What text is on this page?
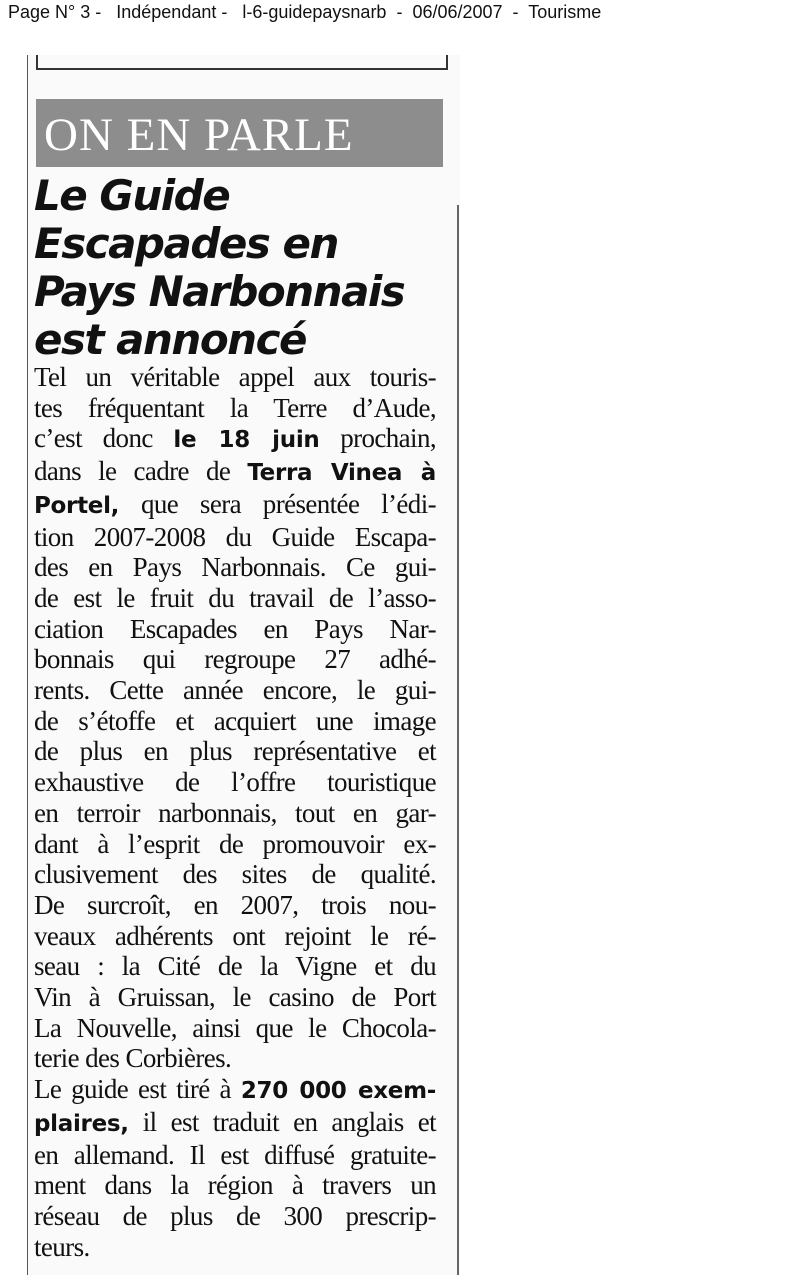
Page N° 3 -   Indépendant -   l-6-guidepaysnarb  -  06/06/2007  -  Tourisme
ON EN PARLE
Le Guide
Escapades en
Pays Narbonnais
est annoncé
Tel un véritable appel aux touris-
tes fréquentant la Terre d’Aude,
c’est donc le 18 juin prochain,
dans le cadre de Terra Vinea à
Portel, que sera présentée l’édi-
tion 2007-2008 du Guide Escapa-
des en Pays Narbonnais. Ce gui-
de est le fruit du travail de l’asso-
ciation Escapades en Pays Nar-
bonnais qui regroupe 27 adhé-
rents. Cette année encore, le gui-
de s’étoffe et acquiert une image
de plus en plus représentative et
exhaustive de l’offre touristique
en terroir narbonnais, tout en gar-
dant à l’esprit de promouvoir ex-
clusivement des sites de qualité.
De surcroît, en 2007, trois nou-
veaux adhérents ont rejoint le ré-
seau : la Cité de la Vigne et du
Vin à Gruissan, le casino de Port
La Nouvelle, ainsi que le Chocola-
terie des Corbières.
Le guide est tiré à 270 000 exem-
plaires, il est traduit en anglais et
en allemand. Il est diffusé gratuite-
ment dans la région à travers un
réseau de plus de 300 prescrip-
teurs.
